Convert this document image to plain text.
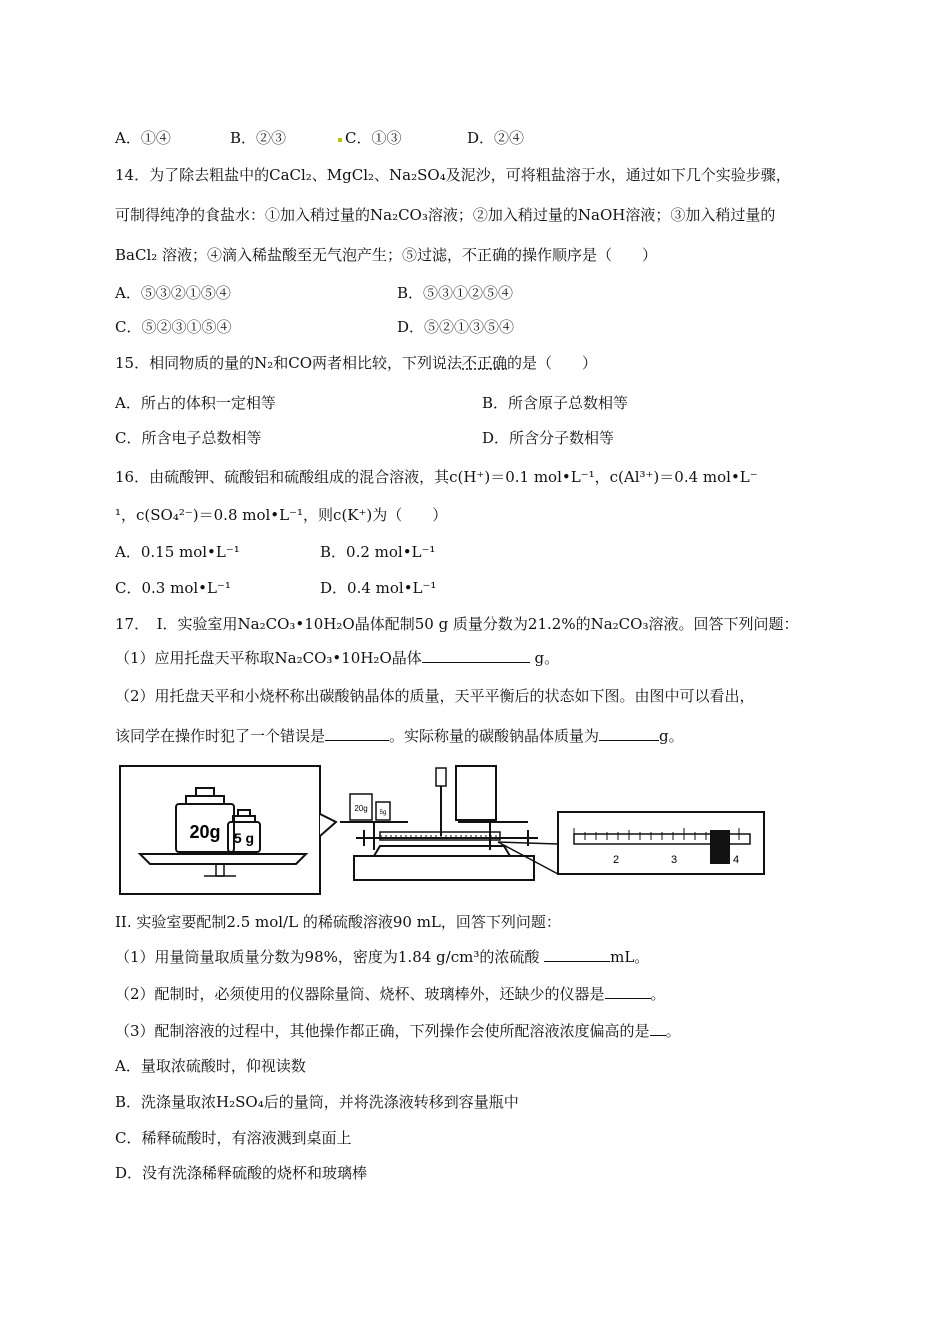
A．①④	B．②③	C．①③	D．②④
14．为了除去粗盐中的CaCl₂、MgCl₂、Na₂SO₄及泥沙，可将粗盐溶于水，通过如下几个实验步骤，
可制得纯净的食盐水：①加入稍过量的Na₂CO₃溶液；②加入稍过量的NaOH溶液；③加入稍过量的
BaCl₂ 溶液；④滴入稀盐酸至无气泡产生；⑤过滤，不正确的操作顺序是（　　）
A．⑤③②①⑤④	B．⑤③①②⑤④
C．⑤②③①⑤④	D．⑤②①③⑤④
15．相同物质的量的N₂和CO两者相比较，下列说法不正确的是（　　）
A．所占的体积一定相等	B．所含原子总数相等
C．所含电子总数相等	D．所含分子数相等
16．由硫酸钾、硫酸铝和硫酸组成的混合溶液，其c(H⁺)＝0.1 mol•L⁻¹，c(Al³⁺)＝0.4 mol•L⁻
¹，c(SO₄²⁻)＝0.8 mol•L⁻¹，则c(K⁺)为（　　）
A．0.15 mol•L⁻¹	B．0.2 mol•L⁻¹
C．0.3 mol•L⁻¹	D．0.4 mol•L⁻¹
17．　I．实验室用Na₂CO₃•10H₂O晶体配制50 g 质量分数为21.2%的Na₂CO₃溶液。回答下列问题：
（1）应用托盘天平称取Na₂CO₃•10H₂O晶体	g。
（2）用托盘天平和小烧杯称出碳酸钠晶体的质量，天平平衡后的状态如下图。由图中可以看出，
该同学在操作时犯了一个错误是	。实际称量的碳酸钠晶体质量为	g。
20g 5 g
20g 5g
2	3	4
II. 实验室要配制2.5 mol/L 的稀硫酸溶液90 mL，回答下列问题：
（1）用量筒量取质量分数为98%，密度为1.84 g/cm³的浓硫酸	mL。
（2）配制时，必须使用的仪器除量筒、烧杯、玻璃棒外，还缺少的仪器是	。
（3）配制溶液的过程中，其他操作都正确，下列操作会使所配溶液浓度偏高的是 。
A．量取浓硫酸时，仰视读数
B．洗涤量取浓H₂SO₄后的量筒，并将洗涤液转移到容量瓶中
C．稀释硫酸时，有溶液溅到桌面上
D．没有洗涤稀释硫酸的烧杯和玻璃棒
